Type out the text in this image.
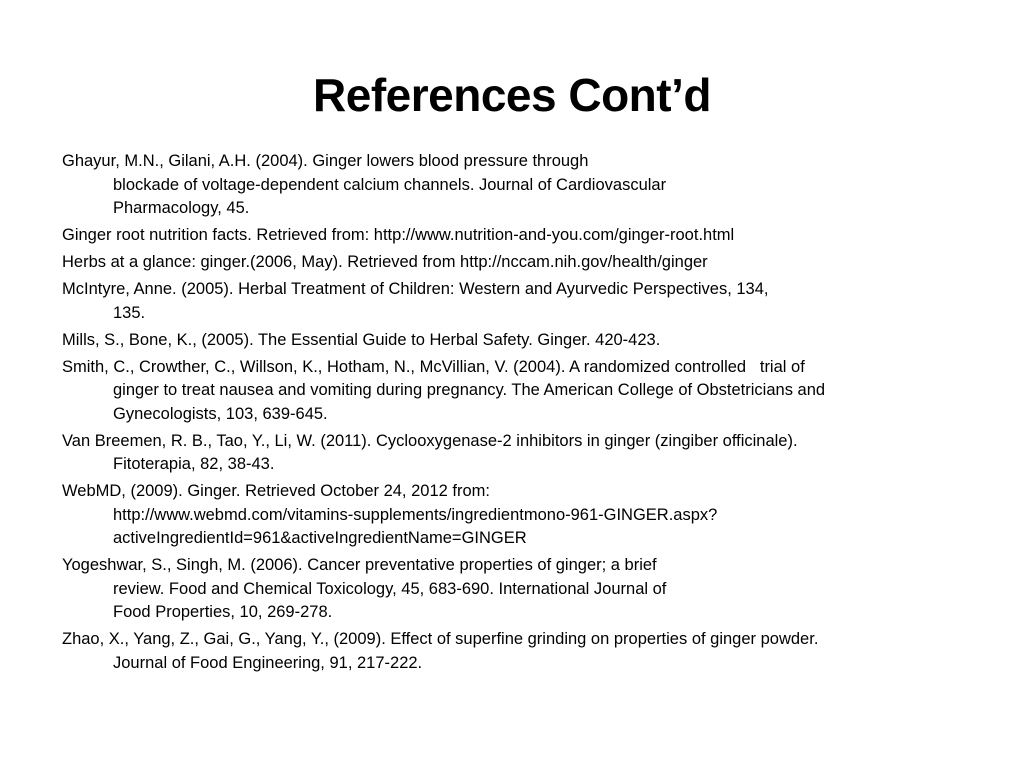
References Cont’d
Ghayur, M.N., Gilani, A.H. (2004). Ginger lowers blood pressure through
blockade of voltage-dependent calcium channels. Journal of Cardiovascular
Pharmacology, 45.
Ginger root nutrition facts. Retrieved from: http://www.nutrition-and-you.com/ginger-root.html
Herbs at a glance: ginger.(2006, May). Retrieved from http://nccam.nih.gov/health/ginger
McIntyre, Anne. (2005). Herbal Treatment of Children: Western and Ayurvedic Perspectives, 134,
135.
Mills, S., Bone, K., (2005). The Essential Guide to Herbal Safety. Ginger. 420-423.
Smith, C., Crowther, C., Willson, K., Hotham, N., McVillian, V. (2004). A randomized controlled   trial of
ginger to treat nausea and vomiting during pregnancy. The American College of Obstetricians and
Gynecologists, 103, 639-645.
Van Breemen, R. B., Tao, Y., Li, W. (2011). Cyclooxygenase-2 inhibitors in ginger (zingiber officinale).
Fitoterapia, 82, 38-43.
WebMD, (2009). Ginger. Retrieved October 24, 2012 from:
http://www.webmd.com/vitamins-supplements/ingredientmono-961-GINGER.aspx?
activeIngredientId=961&activeIngredientName=GINGER
Yogeshwar, S., Singh, M. (2006). Cancer preventative properties of ginger; a brief
review. Food and Chemical Toxicology, 45, 683-690. International Journal of
Food Properties, 10, 269-278.
Zhao, X., Yang, Z., Gai, G., Yang, Y., (2009). Effect of superfine grinding on properties of ginger powder.
Journal of Food Engineering, 91, 217-222.
